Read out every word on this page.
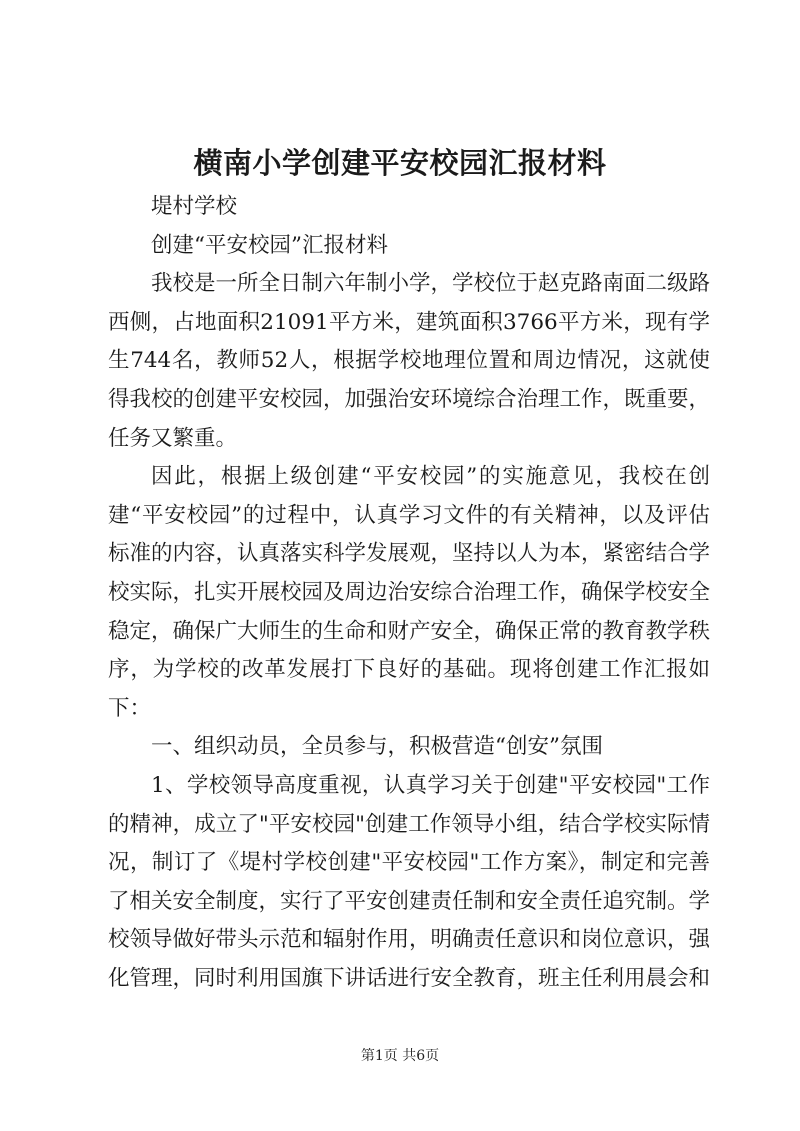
横南小学创建平安校园汇报材料

堤村学校

创建“平安校园”汇报材料

我校是一所全日制六年制小学，学校位于赵克路南面二级路西侧，占地面积21091平方米，建筑面积3766平方米，现有学生744名，教师52人，根据学校地理位置和周边情况，这就使得我校的创建平安校园，加强治安环境综合治理工作，既重要，任务又繁重。

因此，根据上级创建“平安校园”的实施意见，我校在创建“平安校园”的过程中，认真学习文件的有关精神，以及评估标准的内容，认真落实科学发展观，坚持以人为本，紧密结合学校实际，扎实开展校园及周边治安综合治理工作，确保学校安全稳定，确保广大师生的生命和财产安全，确保正常的教育教学秩序，为学校的改革发展打下良好的基础。现将创建工作汇报如下：

一、组织动员，全员参与，积极营造“创安”氛围

1、学校领导高度重视，认真学习关于创建"平安校园"工作的精神，成立了"平安校园"创建工作领导小组，结合学校实际情况，制订了《堤村学校创建"平安校园"工作方案》，制定和完善了相关安全制度，实行了平安创建责任制和安全责任追究制。学校领导做好带头示范和辐射作用，明确责任意识和岗位意识，强化管理，同时利用国旗下讲话进行安全教育，班主任利用晨会和

第1页 共6页
